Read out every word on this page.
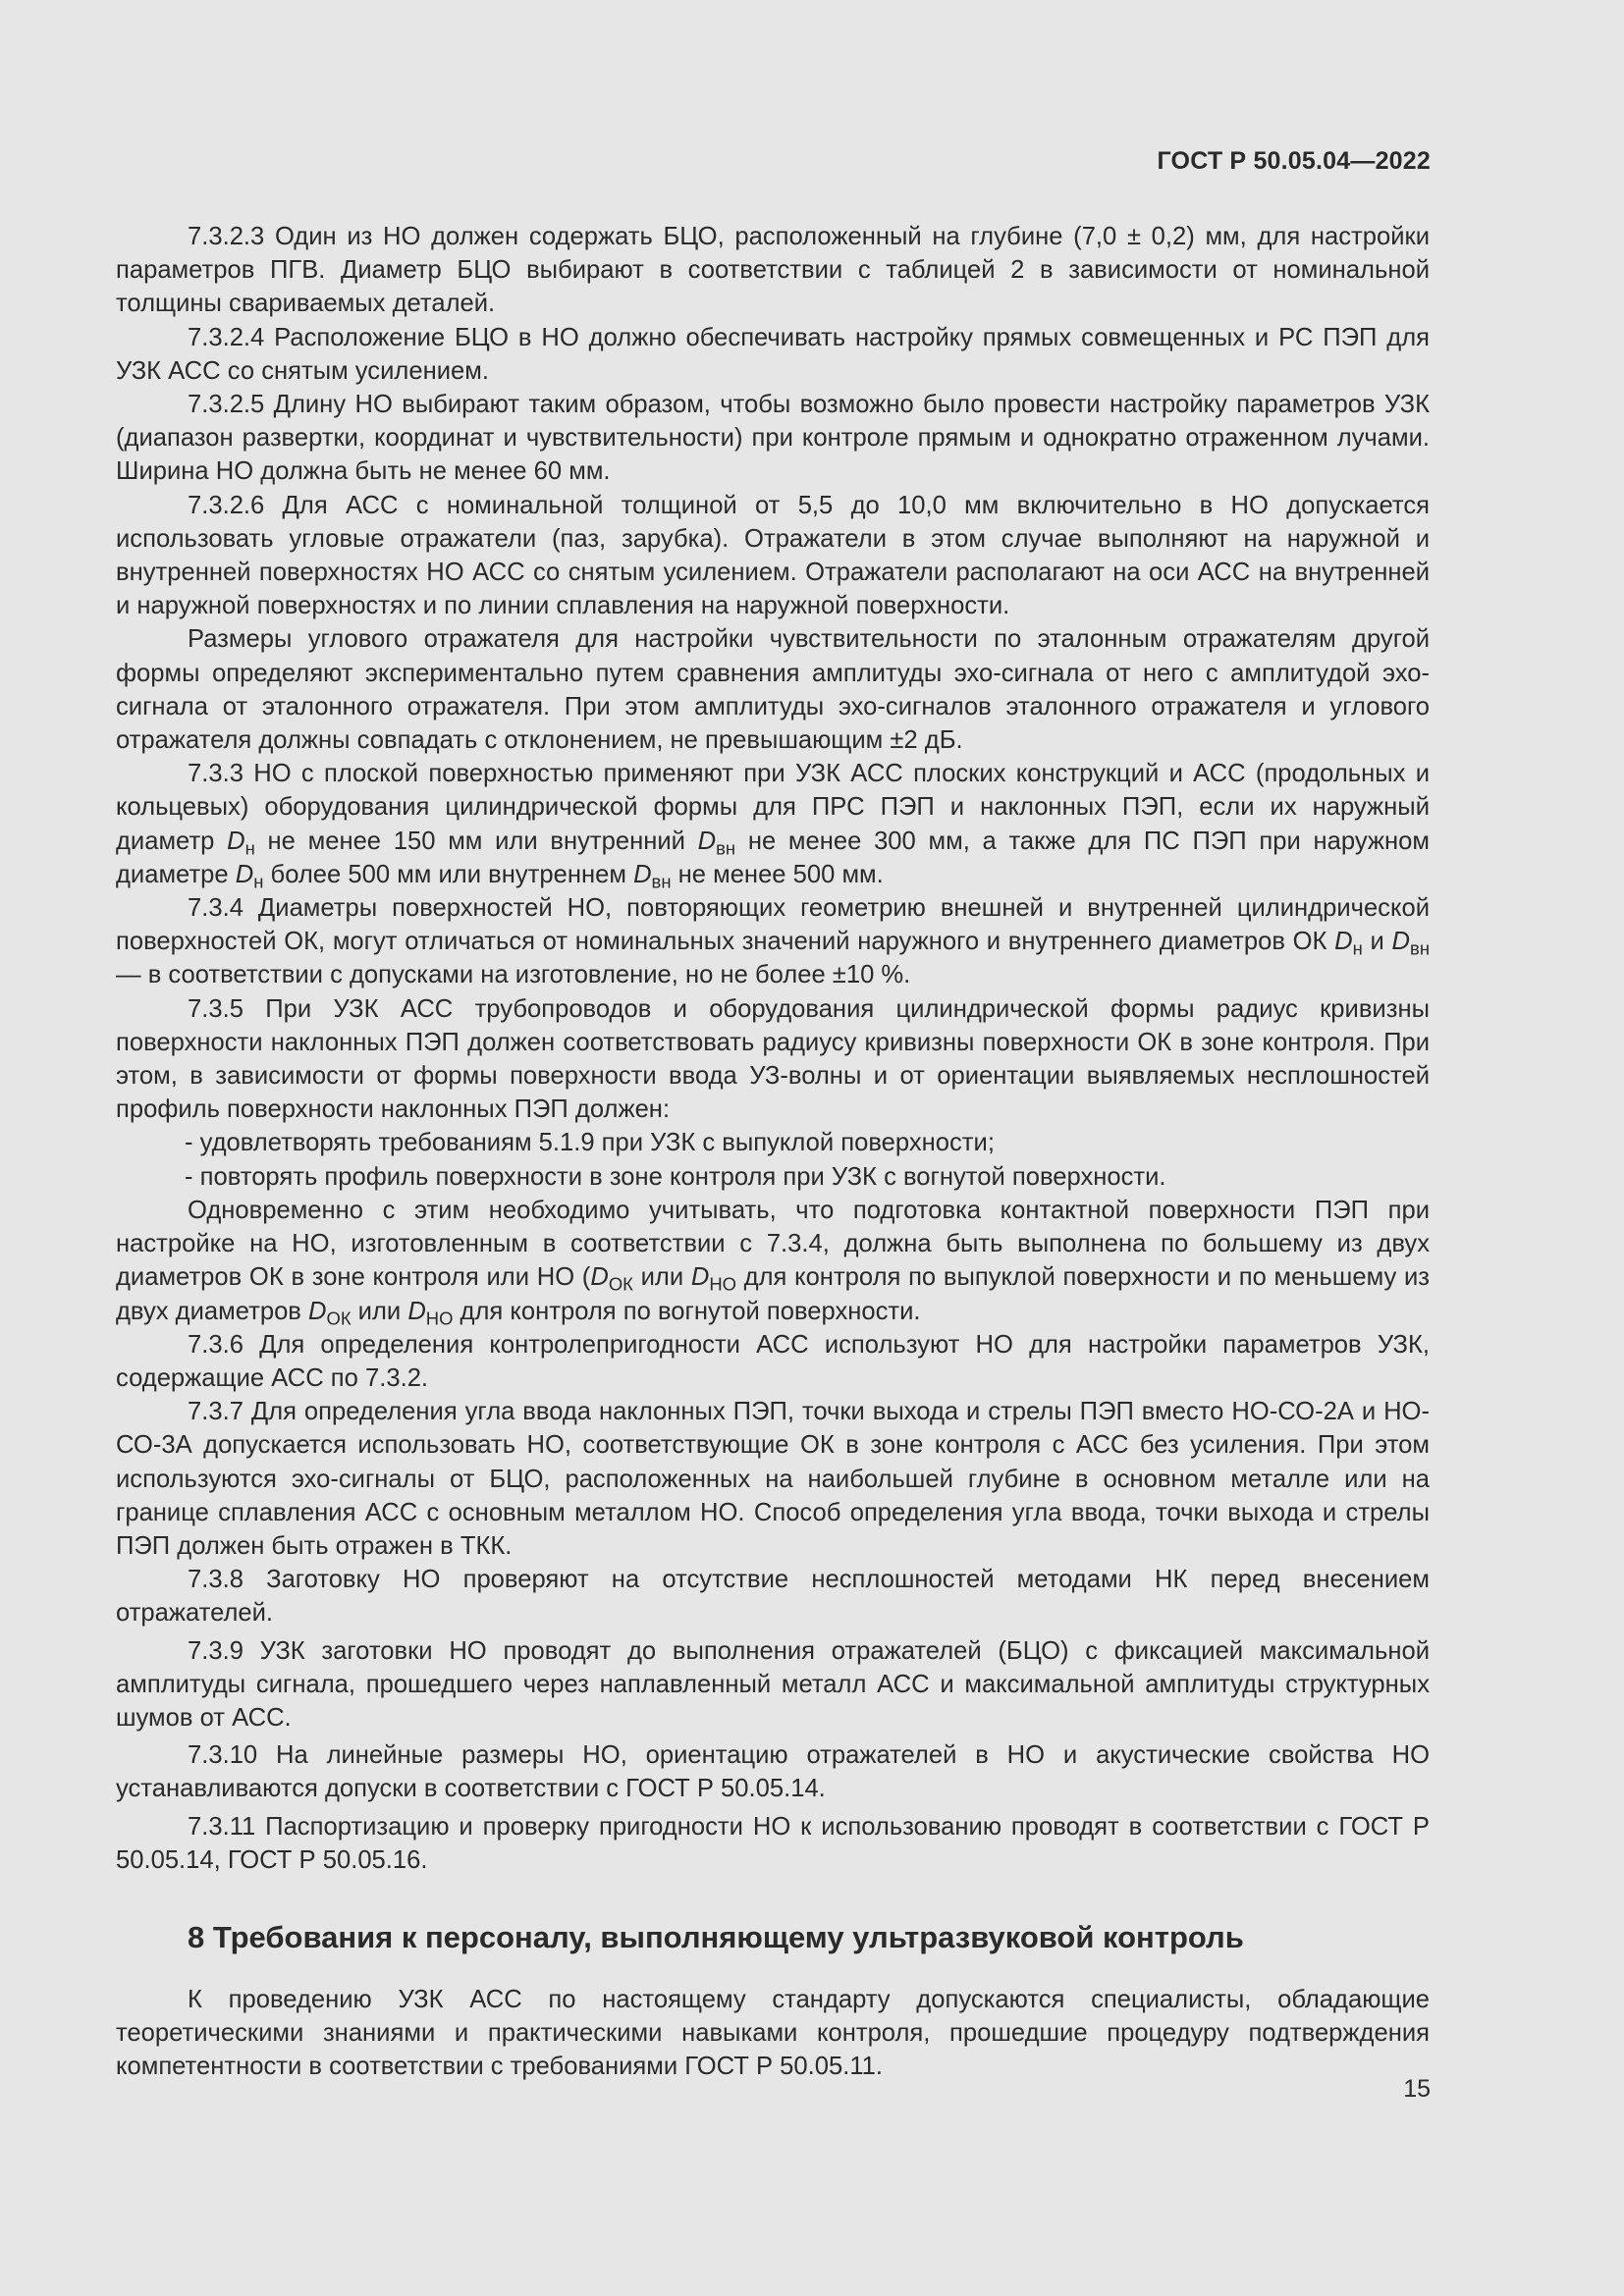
ГОСТ Р 50.05.04—2022

7.3.2.3 Один из НО должен содержать БЦО, расположенный на глубине (7,0 ± 0,2) мм, для настройки параметров ПГВ. Диаметр БЦО выбирают в соответствии с таблицей 2 в зависимости от номинальной толщины свариваемых деталей.

7.3.2.4 Расположение БЦО в НО должно обеспечивать настройку прямых совмещенных и РС ПЭП для УЗК АСС со снятым усилением.

7.3.2.5 Длину НО выбирают таким образом, чтобы возможно было провести настройку параметров УЗК (диапазон развертки, координат и чувствительности) при контроле прямым и однократно отраженном лучами. Ширина НО должна быть не менее 60 мм.

7.3.2.6 Для АСС с номинальной толщиной от 5,5 до 10,0 мм включительно в НО допускается использовать угловые отражатели (паз, зарубка). Отражатели в этом случае выполняют на наружной и внутренней поверхностях НО АСС со снятым усилением. Отражатели располагают на оси АСС на внутренней и наружной поверхностях и по линии сплавления на наружной поверхности.

Размеры углового отражателя для настройки чувствительности по эталонным отражателям другой формы определяют экспериментально путем сравнения амплитуды эхо-сигнала от него с амплитудой эхо-сигнала от эталонного отражателя. При этом амплитуды эхо-сигналов эталонного отражателя и углового отражателя должны совпадать с отклонением, не превышающим ±2 дБ.

7.3.3 НО с плоской поверхностью применяют при УЗК АСС плоских конструкций и АСС (продольных и кольцевых) оборудования цилиндрической формы для ПРС ПЭП и наклонных ПЭП, если их наружный диаметр $D_н$ не менее 150 мм или внутренний $D_{вн}$ не менее 300 мм, а также для ПС ПЭП при наружном диаметре $D_н$ более 500 мм или внутреннем $D_{вн}$ не менее 500 мм.

7.3.4 Диаметры поверхностей НО, повторяющих геометрию внешней и внутренней цилиндрической поверхностей ОК, могут отличаться от номинальных значений наружного и внутреннего диаметров ОК $D_н$ и $D_{вн}$ — в соответствии с допусками на изготовление, но не более ±10 %.

7.3.5 При УЗК АСС трубопроводов и оборудования цилиндрической формы радиус кривизны поверхности наклонных ПЭП должен соответствовать радиусу кривизны поверхности ОК в зоне контроля. При этом, в зависимости от формы поверхности ввода УЗ-волны и от ориентации выявляемых несплошностей профиль поверхности наклонных ПЭП должен:

- удовлетворять требованиям 5.1.9 при УЗК с выпуклой поверхности;

- повторять профиль поверхности в зоне контроля при УЗК с вогнутой поверхности.

Одновременно с этим необходимо учитывать, что подготовка контактной поверхности ПЭП при настройке на НО, изготовленным в соответствии с 7.3.4, должна быть выполнена по большему из двух диаметров ОК в зоне контроля или НО ($D_{ОК}$ или $D_{НО}$ для контроля по выпуклой поверхности и по меньшему из двух диаметров $D_{ОК}$ или $D_{НО}$ для контроля по вогнутой поверхности.

7.3.6 Для определения контролепригодности АСС используют НО для настройки параметров УЗК, содержащие АСС по 7.3.2.

7.3.7 Для определения угла ввода наклонных ПЭП, точки выхода и стрелы ПЭП вместо НО-СО-2А и НО-СО-3А допускается использовать НО, соответствующие ОК в зоне контроля с АСС без усиления. При этом используются эхо-сигналы от БЦО, расположенных на наибольшей глубине в основном металле или на границе сплавления АСС с основным металлом НО. Способ определения угла ввода, точки выхода и стрелы ПЭП должен быть отражен в ТКК.

7.3.8 Заготовку НО проверяют на отсутствие несплошностей методами НК перед внесением отражателей.

7.3.9 УЗК заготовки НО проводят до выполнения отражателей (БЦО) с фиксацией максимальной амплитуды сигнала, прошедшего через наплавленный металл АСС и максимальной амплитуды структурных шумов от АСС.

7.3.10 На линейные размеры НО, ориентацию отражателей в НО и акустические свойства НО устанавливаются допуски в соответствии с ГОСТ Р 50.05.14.

7.3.11 Паспортизацию и проверку пригодности НО к использованию проводят в соответствии с ГОСТ Р 50.05.14, ГОСТ Р 50.05.16.

8 Требования к персоналу, выполняющему ультразвуковой контроль

К проведению УЗК АСС по настоящему стандарту допускаются специалисты, обладающие теоретическими знаниями и практическими навыками контроля, прошедшие процедуру подтверждения компетентности в соответствии с требованиями ГОСТ Р 50.05.11.

15
